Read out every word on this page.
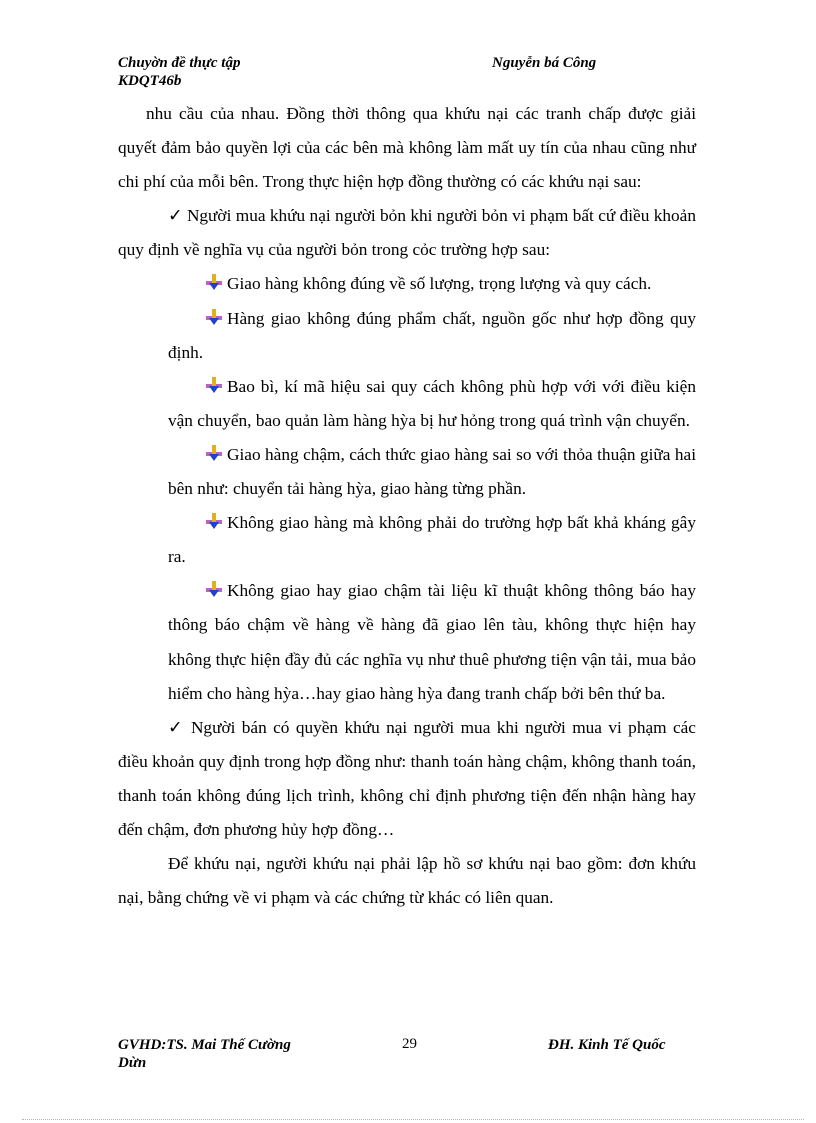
Chuyờn đề thực tập
KDQT46b
Nguyễn bá Công

nhu cầu của nhau. Đồng thời thông qua khứu nại các tranh chấp được giải quyết đảm bảo quyền lợi của các bên mà không làm mất uy tín của nhau cũng như chi phí của mỗi bên. Trong thực hiện hợp đồng thường có các khứu nại sau:

✓ Người mua khứu nại người bỏn khi người bỏn vi phạm bất cứ điều khoản quy định về nghĩa vụ của người bỏn trong cỏc trường hợp sau:

Giao hàng không đúng về số lượng, trọng lượng và quy cách.

Hàng giao không đúng phẩm chất, nguồn gốc như hợp đồng quy định.

Bao bì, kí mã hiệu sai quy cách không phù hợp với với điều kiện vận chuyển, bao quản làm hàng hỳa bị hư hỏng trong quá trình vận chuyển.

Giao hàng chậm, cách thức giao hàng sai so với thỏa thuận giữa hai bên như: chuyển tải hàng hỳa, giao hàng từng phần.

Không giao hàng mà không phải do trường hợp bất khả kháng gây ra.

Không giao hay giao chậm tài liệu kĩ thuật không thông báo hay thông báo chậm về hàng về hàng đã giao lên tàu, không thực hiện hay không thực hiện đầy đủ các nghĩa vụ như thuê phương tiện vận tải, mua bảo hiểm cho hàng hỳa…hay giao hàng hỳa đang tranh chấp bởi bên thứ ba.

✓ Người bán có quyền khứu nại người mua khi người mua vi phạm các điều khoản quy định trong hợp đồng như: thanh toán hàng chậm, không thanh toán, thanh toán không đúng lịch trình, không chỉ định phương tiện đến nhận hàng hay đến chậm, đơn phương hủy hợp đồng…

Để khứu nại, người khứu nại phải lập hồ sơ khứu nại bao gồm: đơn khứu nại, bằng chứng về vi phạm và các chứng từ khác có liên quan.

GVHD:TS. Mai Thế Cường
Dừn
29	ĐH. Kinh Tế Quốc
